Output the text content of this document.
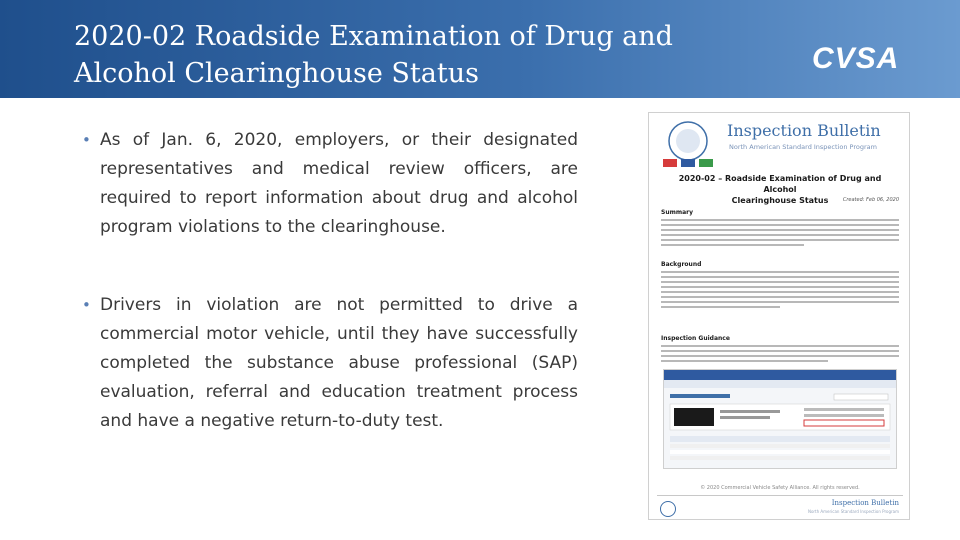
2020-02 Roadside Examination of Drug and
Alcohol Clearinghouse Status	CVSA
• As of Jan. 6, 2020, employers, or their designated representatives and medical review officers, are required to report information about drug and alcohol program violations to the clearinghouse.
• Drivers in violation are not permitted to drive a commercial motor vehicle, until they have successfully completed the substance abuse professional (SAP) evaluation, referral and education treatment process and have a negative return-to-duty test.
Inspection Bulletin
North American Standard Inspection Program
2020-02 – Roadside Examination of Drug and Alcohol
Clearinghouse Status	Created: Feb 06, 2020
Summary
Background
Inspection Guidance
© 2020 Commercial Vehicle Safety Alliance. All rights reserved.
Inspection Bulletin
North American Standard Inspection Program
